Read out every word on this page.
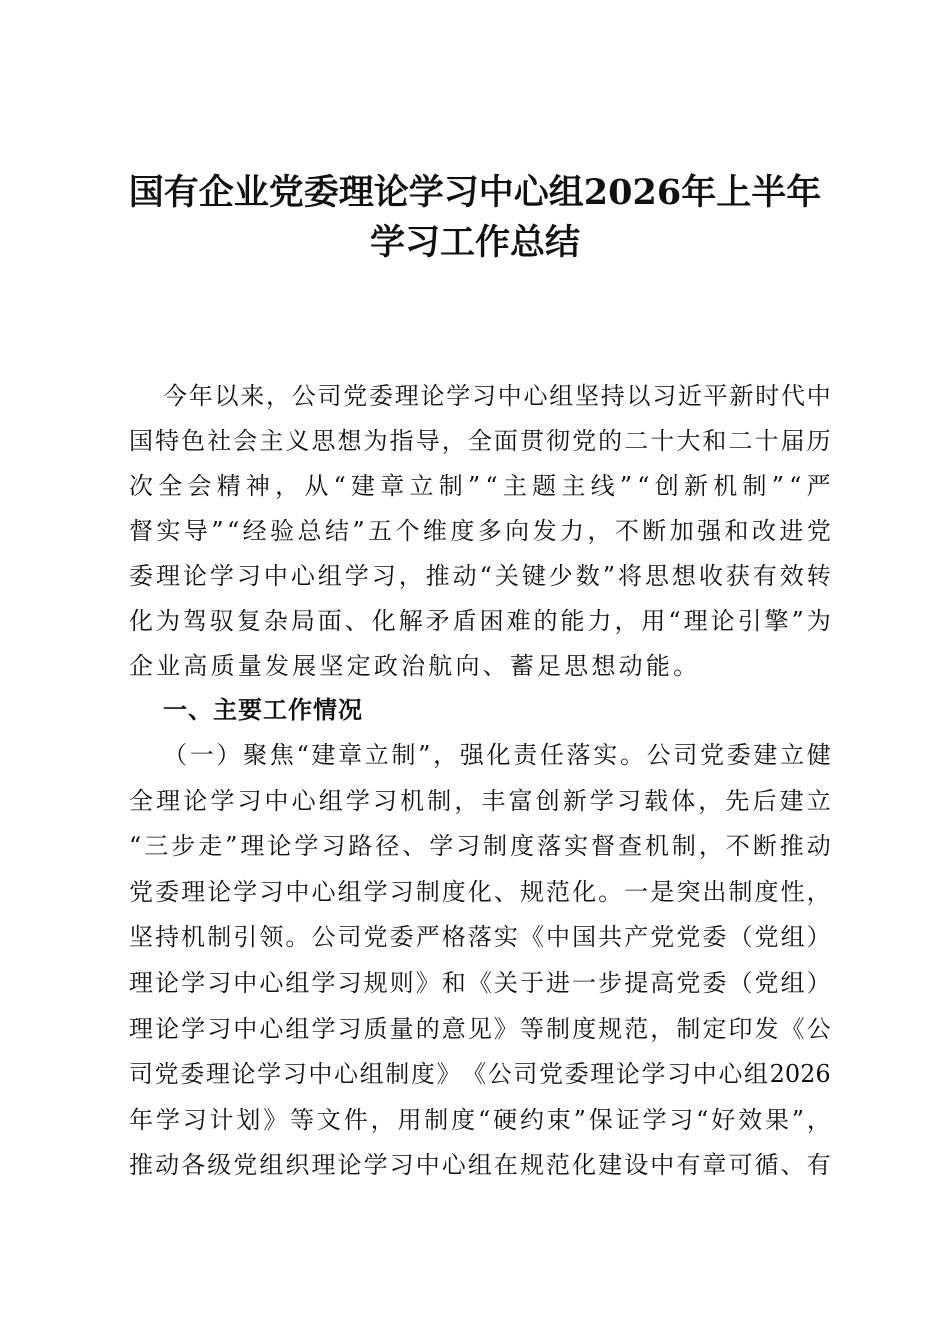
国有企业党委理论学习中心组2026年上半年
学习工作总结
今 年 以 来 ， 公 司 党 委 理 论 学 习 中 心 组 坚 持 以 习 近 平 新 时 代 中
国 特 色 社 会 主 义 思 想 为 指 导 ， 全 面 贯 彻 党 的 二 十 大 和 二 十 届 历
次 全 会 精 神 ， 从 “ 建 章 立 制 ” “ 主 题 主 线 ” “ 创 新 机 制 ” “ 严
督 实 导 ” “ 经 验 总 结 ” 五 个 维 度 多 向 发 力 ， 不 断 加 强 和 改 进 党
委 理 论 学 习 中 心 组 学 习 ， 推 动 “ 关 键 少 数 ” 将 思 想 收 获 有 效 转
化 为 驾 驭 复 杂 局 面 、 化 解 矛 盾 困 难 的 能 力 ， 用 “ 理 论 引 擎 ” 为
企 业 高 质 量 发 展 坚 定 政 治 航 向 、 蓄 足 思 想 动 能 。
一、主要工作情况
（ 一 ） 聚 焦 “ 建 章 立 制 ” ， 强 化 责 任 落 实 。 公 司 党 委 建 立 健
全 理 论 学 习 中 心 组 学 习 机 制 ， 丰 富 创 新 学 习 载 体 ， 先 后 建 立
“ 三 步 走 ” 理 论 学 习 路 径 、 学 习 制 度 落 实 督 查 机 制 ， 不 断 推 动
党 委 理 论 学 习 中 心 组 学 习 制 度 化 、 规 范 化 。 一 是 突 出 制 度 性 ，
坚 持 机 制 引 领 。 公 司 党 委 严 格 落 实 《 中 国 共 产 党 党 委 （ 党 组 ）
理 论 学 习 中 心 组 学 习 规 则 》 和 《 关 于 进 一 步 提 高 党 委 （ 党 组 ）
理 论 学 习 中 心 组 学 习 质 量 的 意 见 》 等 制 度 规 范 ， 制 定 印 发 《 公
司 党 委 理 论 学 习 中 心 组 制 度 》 《 公 司 党 委 理 论 学 习 中 心 组 2026
年 学 习 计 划 》 等 文 件 ， 用 制 度 “ 硬 约 束 ” 保 证 学 习 “ 好 效 果 ” ，
推 动 各 级 党 组 织 理 论 学 习 中 心 组 在 规 范 化 建 设 中 有 章 可 循 、 有
